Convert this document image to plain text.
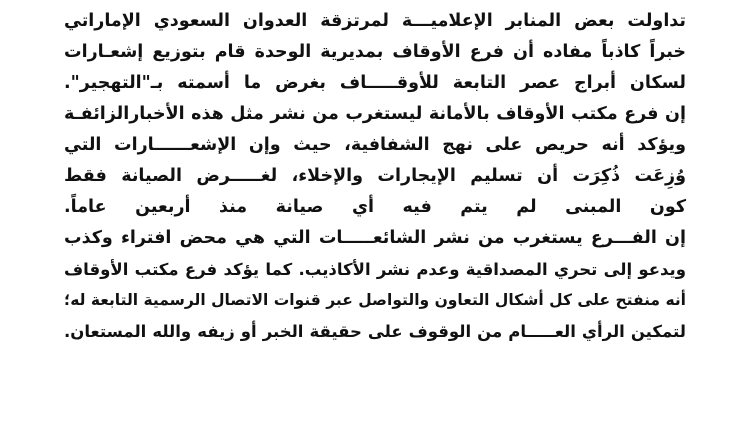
تداولت بعض المنابر الإعلاميـــة لمرتزقة العدوان السعودي الإماراتي
خبراً كاذباً مفاده أن فرع الأوقاف بمديرية الوحدة قام بتوزيع إشعـارات
لسكان أبراج عصر التابعة للأوقـــــاف بغرض ما أسمته بـ"التهجير".
إن فرع مكتب الأوقاف بالأمانة ليستغرب من نشر مثل هذه الأخبارالزائفـة
ويؤكد أنه حريص على نهج الشفافية، حيث وإن الإشعــــــارات التي
وُزِعَت ذُكِرَت أن تسليم الإيجارات والإخلاء، لغـــــرض الصيانة فقط
كون المبنى لم يتم فيه أي صيانة منذ أربعين عاماً.
إن الفـــرع يستغرب من نشر الشائعـــــات التي هي محض افتراء وكذب
ويدعو إلى تحري المصداقية وعدم نشر الأكاذيب. كما يؤكد فرع مكتب الأوقاف
أنه منفتح على كل أشكال التعاون والتواصل عبر قنوات الاتصال الرسمية التابعة له؛
لتمكين الرأي العـــــام من الوقوف على حقيقة الخبر أو زيفه والله المستعان.
